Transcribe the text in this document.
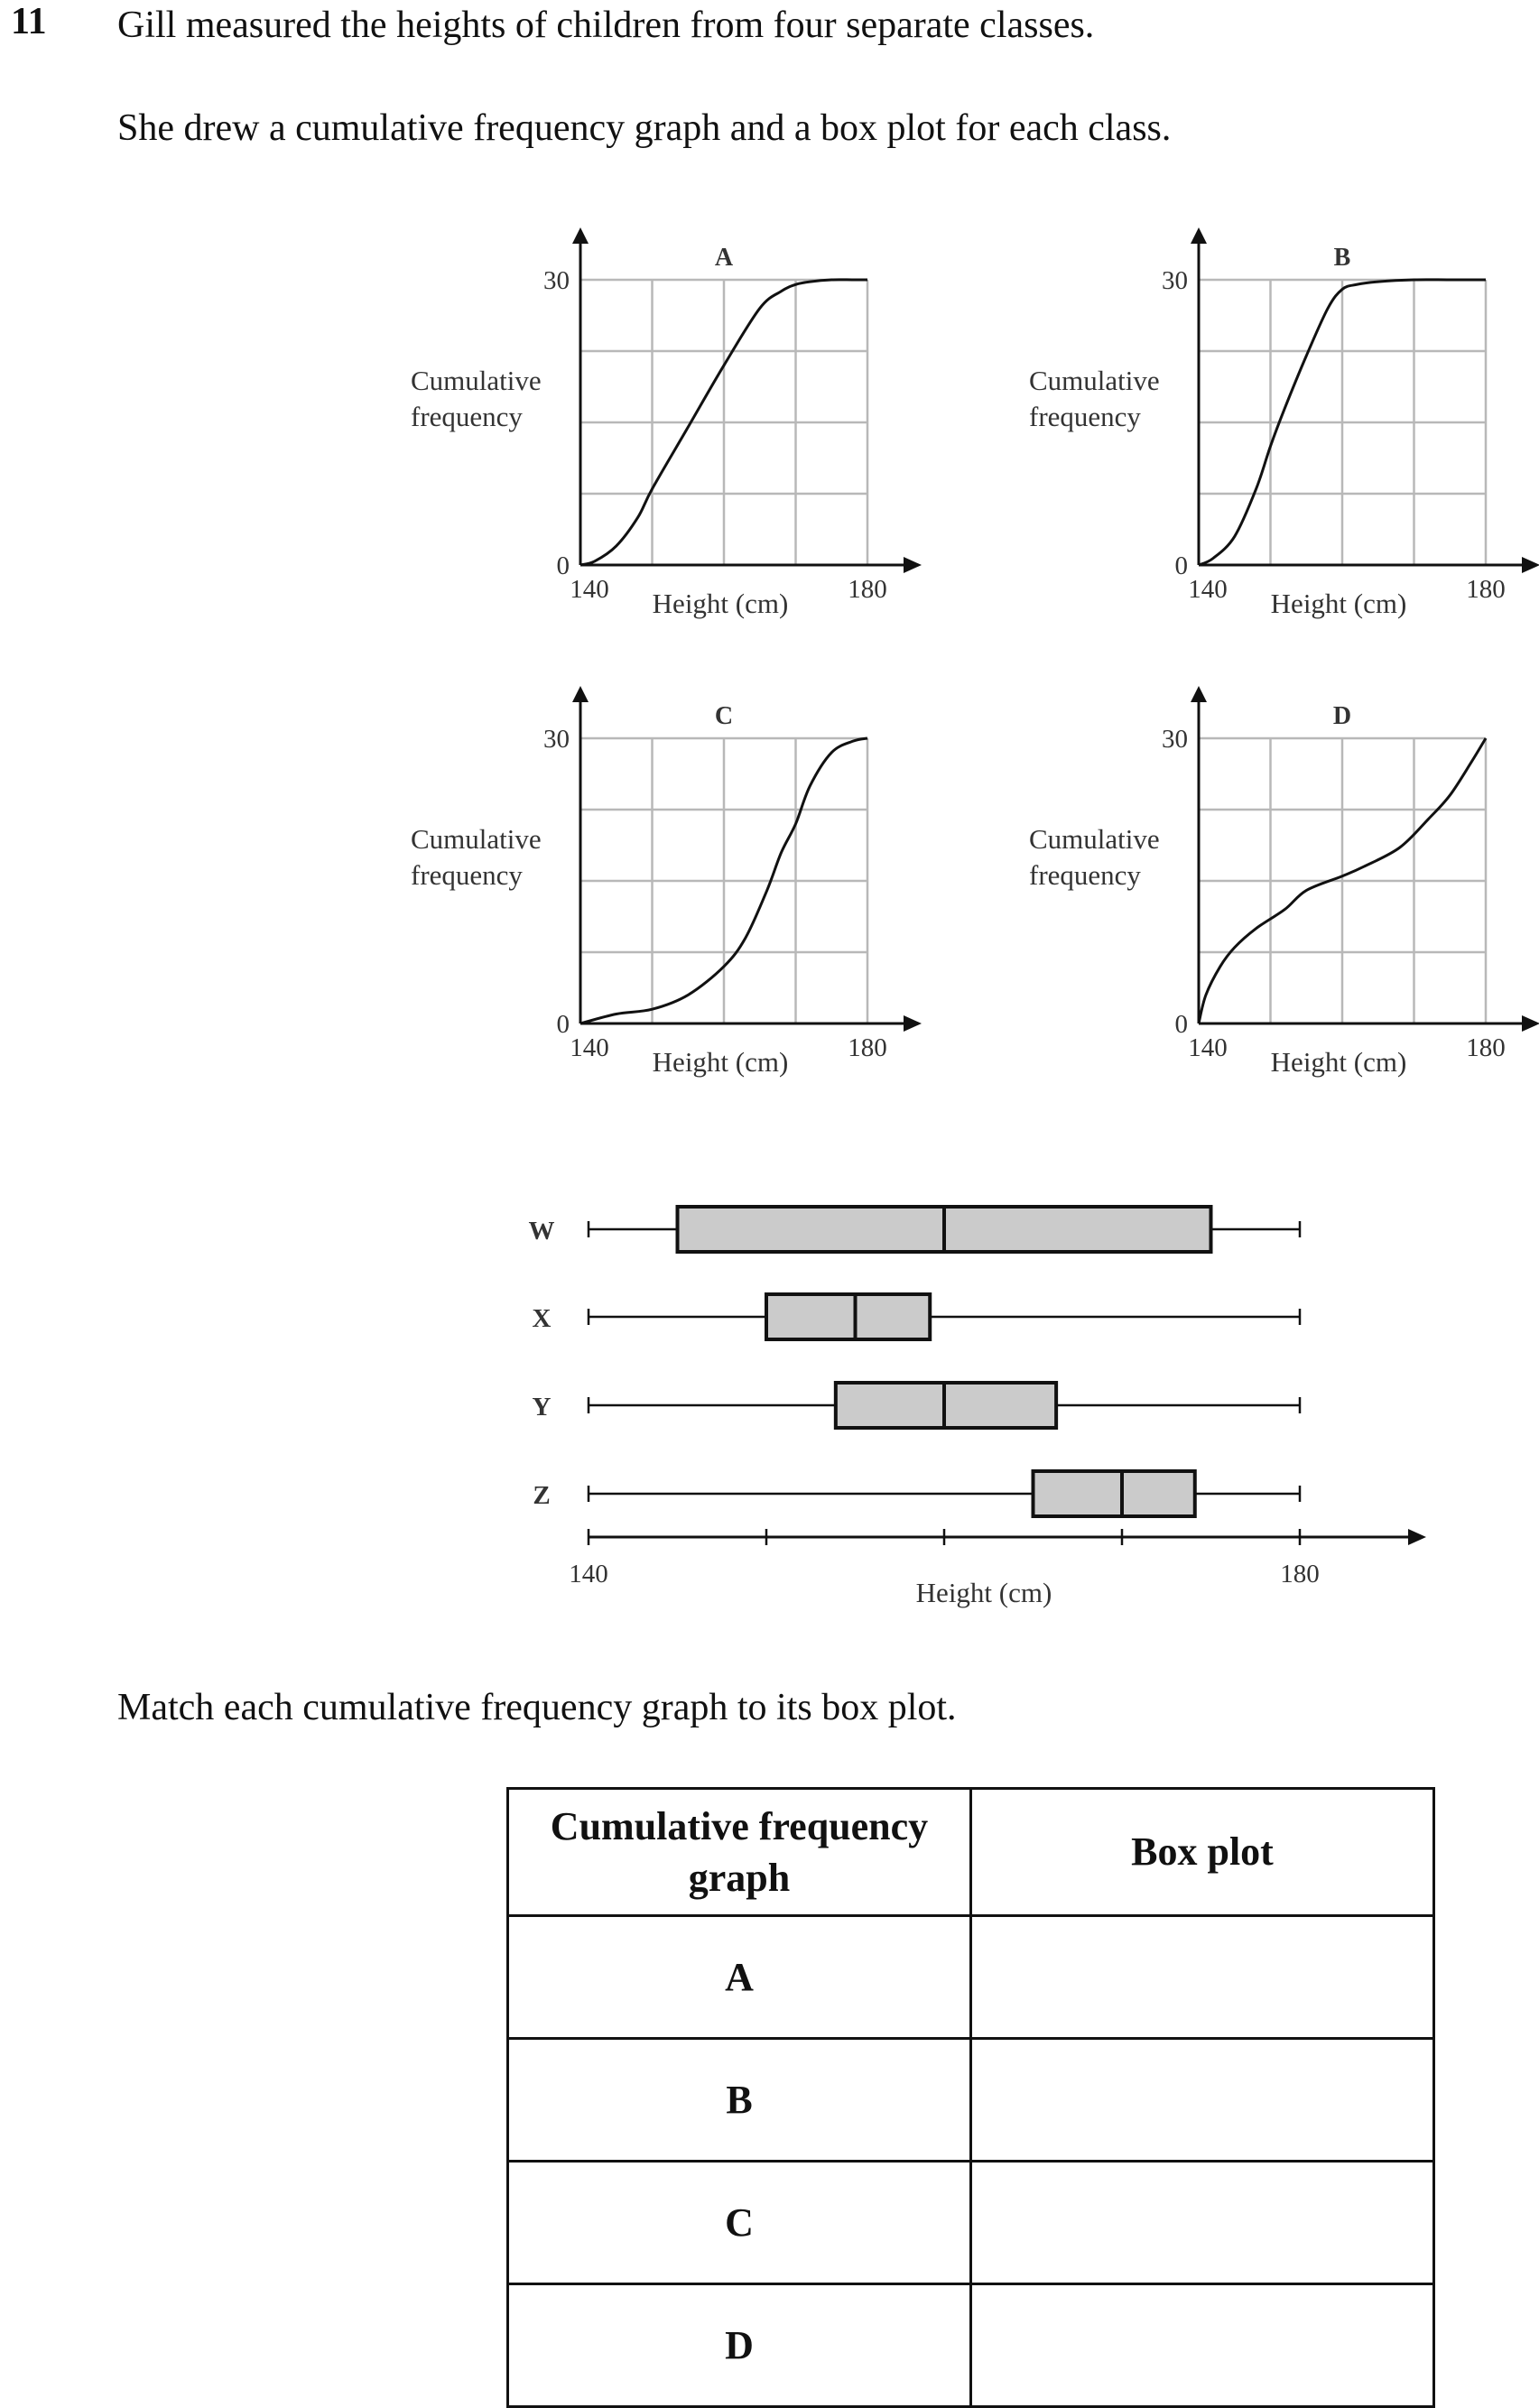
11 Gill measured the heights of children from four separate classes.
She drew a cumulative frequency graph and a box plot for each class.
A
30
0
140	180
Height (cm)
Cumulative
frequency
B
30
0
140	180
Height (cm)
Cumulative
frequency
C
30
0
140	180
Height (cm)
Cumulative
frequency
D
30
0
140	180
Height (cm)
Cumulative
frequency
W
X
Y
Z
140	180
Height (cm)
Match each cumulative frequency graph to its box plot.
Cumulative frequency graph	Box plot
A	
B	
C	
D	
